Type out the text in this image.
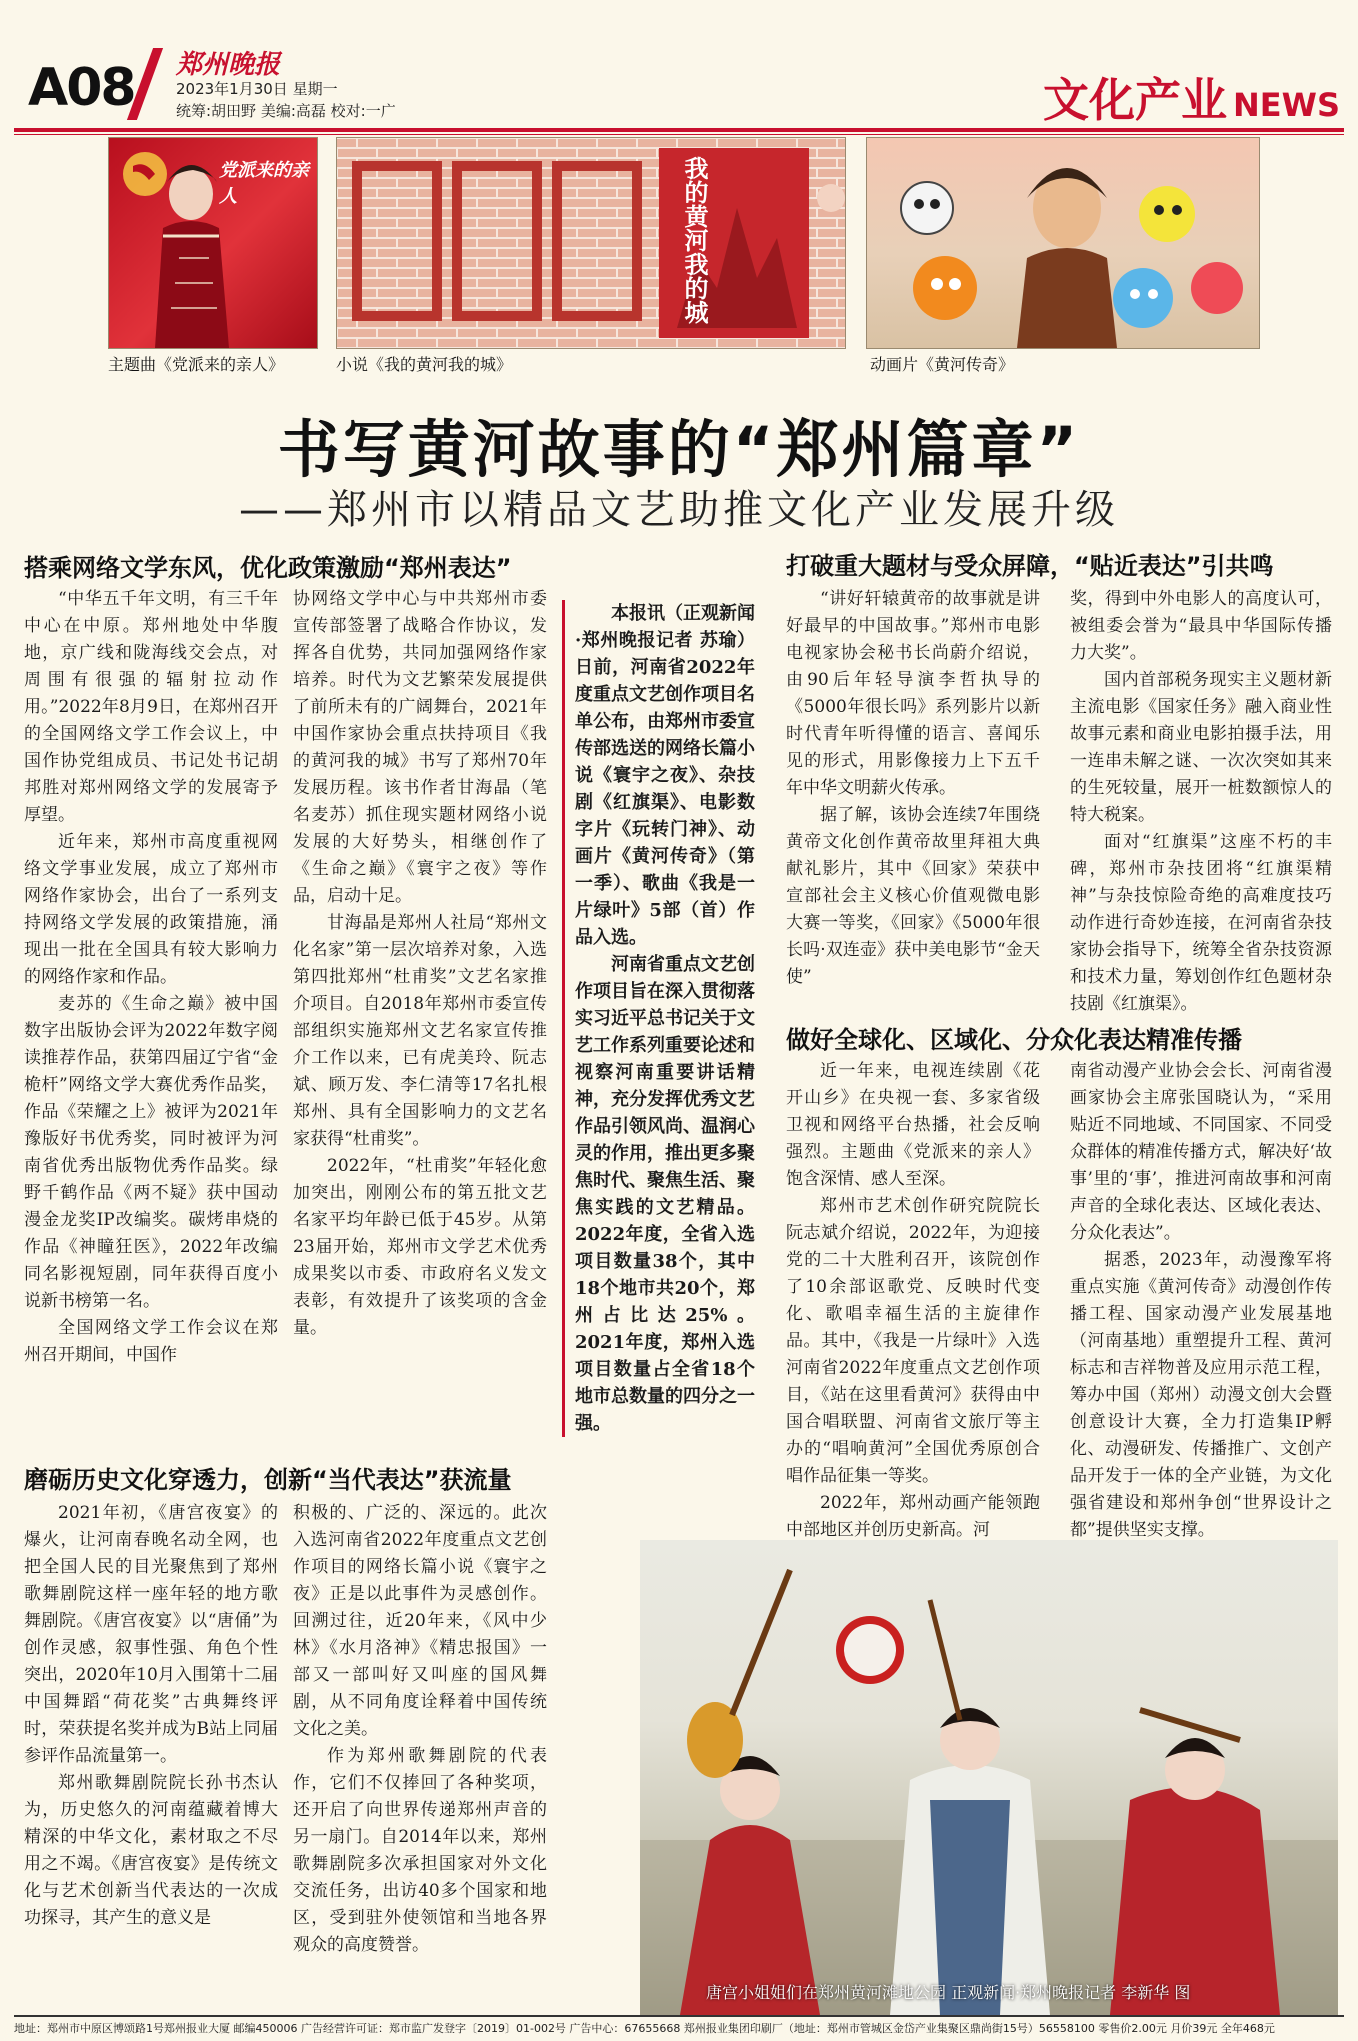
A08 郑州晚报
2023年1月30日 星期一
统筹:胡田野 美编:高磊 校对:一广	文化产业 NEWS
党派来的亲人
主题曲《党派来的亲人》
我的黄河我的城
小说《我的黄河我的城》	动画片《黄河传奇》
书写黄河故事的“郑州篇章”
——郑州市以精品文艺助推文化产业发展升级
搭乘网络文学东风，优化政策激励“郑州表达”

“中华五千年文明，有三千年中心在中原。郑州地处中华腹地，京广线和陇海线交会点，对周围有很强的辐射拉动作用。”2022年8月9日，在郑州召开的全国网络文学工作会议上，中国作协党组成员、书记处书记胡邦胜对郑州网络文学的发展寄予厚望。

近年来，郑州市高度重视网络文学事业发展，成立了郑州市网络作家协会，出台了一系列支持网络文学发展的政策措施，涌现出一批在全国具有较大影响力的网络作家和作品。

麦苏的《生命之巅》被中国数字出版协会评为2022年数字阅读推荐作品，获第四届辽宁省“金桅杆”网络文学大赛优秀作品奖，作品《荣耀之上》被评为2021年豫版好书优秀奖，同时被评为河南省优秀出版物优秀作品奖。绿野千鹤作品《两不疑》获中国动漫金龙奖IP改编奖。碳烤串烧的作品《神瞳狂医》，2022年改编同名影视短剧，同年获得百度小说新书榜第一名。

全国网络文学工作会议在郑州召开期间，中国作

协网络文学中心与中共郑州市委宣传部签署了战略合作协议，发挥各自优势，共同加强网络作家培养。时代为文艺繁荣发展提供了前所未有的广阔舞台，2021年中国作家协会重点扶持项目《我的黄河我的城》书写了郑州70年发展历程。该书作者甘海晶（笔名麦苏）抓住现实题材网络小说发展的大好势头，相继创作了《生命之巅》《寰宇之夜》等作品，启动十足。

甘海晶是郑州人社局“郑州文化名家”第一层次培养对象，入选第四批郑州“杜甫奖”文艺名家推介项目。自2018年郑州市委宣传部组织实施郑州文艺名家宣传推介工作以来，已有虎美玲、阮志斌、顾万发、李仁清等17名扎根郑州、具有全国影响力的文艺名家获得“杜甫奖”。

2022年，“杜甫奖”年轻化愈加突出，刚刚公布的第五批文艺名家平均年龄已低于45岁。从第23届开始，郑州市文学艺术优秀成果奖以市委、市政府名义发文表彰，有效提升了该奖项的含金量。

磨砺历史文化穿透力，创新“当代表达”获流量

2021年初，《唐宫夜宴》的爆火，让河南春晚名动全网，也把全国人民的目光聚焦到了郑州歌舞剧院这样一座年轻的地方歌舞剧院。《唐宫夜宴》以“唐俑”为创作灵感，叙事性强、角色个性突出，2020年10月入围第十二届中国舞蹈“荷花奖”古典舞终评时，荣获提名奖并成为B站上同届参评作品流量第一。

郑州歌舞剧院院长孙书杰认为，历史悠久的河南蕴藏着博大精深的中华文化，素材取之不尽用之不竭。《唐宫夜宴》是传统文化与艺术创新当代表达的一次成功探寻，其产生的意义是

积极的、广泛的、深远的。此次入选河南省2022年度重点文艺创作项目的网络长篇小说《寰宇之夜》正是以此事件为灵感创作。回溯过往，近20年来，《风中少林》《水月洛神》《精忠报国》一部又一部叫好又叫座的国风舞剧，从不同角度诠释着中国传统文化之美。

作为郑州歌舞剧院的代表作，它们不仅捧回了各种奖项，还开启了向世界传递郑州声音的另一扇门。自2014年以来，郑州歌舞剧院多次承担国家对外文化交流任务，出访40多个国家和地区，受到驻外使领馆和当地各界观众的高度赞誉。

本报讯（正观新闻·郑州晚报记者 苏瑜）日前，河南省2022年度重点文艺创作项目名单公布，由郑州市委宣传部选送的网络长篇小说《寰宇之夜》、杂技剧《红旗渠》、电影数字片《玩转门神》、动画片《黄河传奇》（第一季）、歌曲《我是一片绿叶》5部（首）作品入选。

河南省重点文艺创作项目旨在深入贯彻落实习近平总书记关于文艺工作系列重要论述和视察河南重要讲话精神，充分发挥优秀文艺作品引领风尚、温润心灵的作用，推出更多聚焦时代、聚焦生活、聚焦实践的文艺精品。2022年度，全省入选项目数量38个，其中18个地市共20个，郑州占比达25%。2021年度，郑州入选项目数量占全省18个地市总数量的四分之一强。

打破重大题材与受众屏障，“贴近表达”引共鸣

“讲好轩辕黄帝的故事就是讲好最早的中国故事。”郑州市电影电视家协会秘书长尚蔚介绍说，由90后年轻导演李哲执导的《5000年很长吗》系列影片以新时代青年听得懂的语言、喜闻乐见的形式，用影像接力上下五千年中华文明薪火传承。

据了解，该协会连续7年围绕黄帝文化创作黄帝故里拜祖大典献礼影片，其中《回家》荣获中宣部社会主义核心价值观微电影大赛一等奖，《回家》《5000年很长吗·双连壶》获中美电影节“金天使”

奖，得到中外电影人的高度认可，被组委会誉为“最具中华国际传播力大奖”。

国内首部税务现实主义题材新主流电影《国家任务》融入商业性故事元素和商业电影拍摄手法，用一连串未解之谜、一次次突如其来的生死较量，展开一桩数额惊人的特大税案。

面对“红旗渠”这座不朽的丰碑，郑州市杂技团将“红旗渠精神”与杂技惊险奇绝的高难度技巧动作进行奇妙连接，在河南省杂技家协会指导下，统筹全省杂技资源和技术力量，筹划创作红色题材杂技剧《红旗渠》。

做好全球化、区域化、分众化表达精准传播

近一年来，电视连续剧《花开山乡》在央视一套、多家省级卫视和网络平台热播，社会反响强烈。主题曲《党派来的亲人》饱含深情、感人至深。

郑州市艺术创作研究院院长阮志斌介绍说，2022年，为迎接党的二十大胜利召开，该院创作了10余部讴歌党、反映时代变化、歌唱幸福生活的主旋律作品。其中，《我是一片绿叶》入选河南省2022年度重点文艺创作项目，《站在这里看黄河》获得由中国合唱联盟、河南省文旅厅等主办的“唱响黄河”全国优秀原创合唱作品征集一等奖。

2022年，郑州动画产能领跑中部地区并创历史新高。河

南省动漫产业协会会长、河南省漫画家协会主席张国晓认为，“采用贴近不同地域、不同国家、不同受众群体的精准传播方式，解决好‘故事’里的‘事’，推进河南故事和河南声音的全球化表达、区域化表达、分众化表达”。

据悉，2023年，动漫豫军将重点实施《黄河传奇》动漫创作传播工程、国家动漫产业发展基地（河南基地）重塑提升工程、黄河标志和吉祥物普及应用示范工程，筹办中国（郑州）动漫文创大会暨创意设计大赛，全力打造集IP孵化、动漫研发、传播推广、文创产品开发于一体的全产业链，为文化强省建设和郑州争创“世界设计之都”提供坚实支撑。

唐宫小姐姐们在郑州黄河滩地公园 正观新闻·郑州晚报记者 李新华 图
地址：郑州市中原区博颂路1号郑州报业大厦 邮编450006 广告经营许可证：郑市监广发登字〔2019〕01-002号 广告中心：67655668 郑州报业集团印刷厂（地址：郑州市管城区金岱产业集聚区鼎尚街15号）56558100 零售价2.00元 月价39元 全年468元
